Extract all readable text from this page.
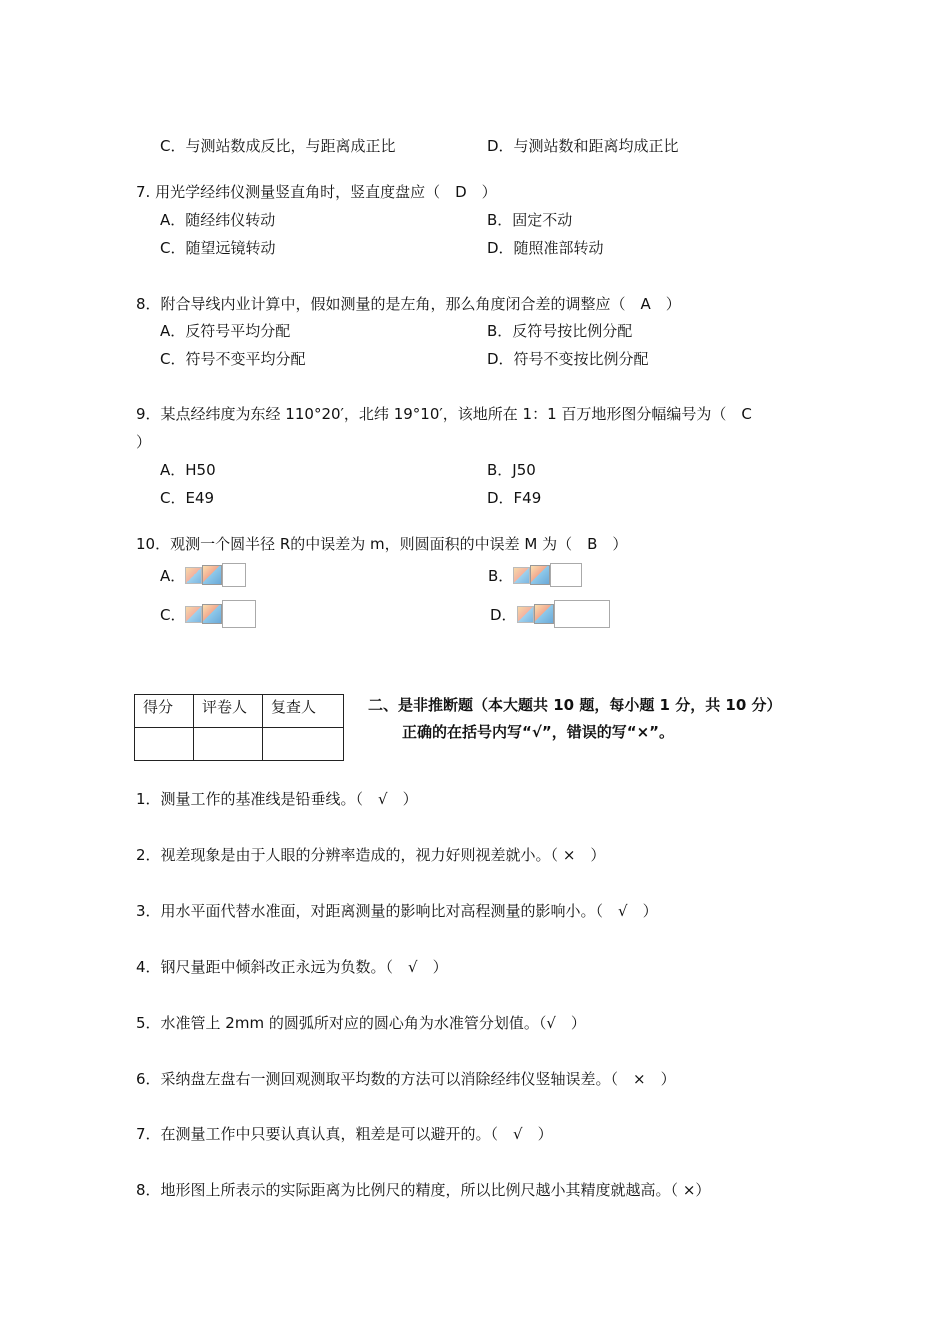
C．与测站数成反比，与距离成正比	D．与测站数和距离均成正比
7. 用光学经纬仪测量竖直角时，竖直度盘应（　D　）
A．随经纬仪转动	B．固定不动
C．随望远镜转动	D．随照准部转动
8．附合导线内业计算中，假如测量的是左角，那么角度闭合差的调整应（　A　）
A．反符号平均分配	B．反符号按比例分配
C．符号不变平均分配	D．符号不变按比例分配
9．某点经纬度为东经 110°20′，北纬 19°10′，该地所在 1：1 百万地形图分幅编号为（　C
）
A．H50	B．J50
C．E49	D．F49
10．观测一个圆半径 R的中误差为 m，则圆面积的中误差 M 为（　B　）
A．	B．
C．	D．
得分	评卷人	复查人
			二、是非推断题（本大题共 10 题，每小题 1 分，共 10 分）
正确的在括号内写“√”，错误的写“×”。
1．测量工作的基准线是铅垂线。（　√　）
2．视差现象是由于人眼的分辨率造成的，视力好则视差就小。（ ×　）
3．用水平面代替水准面，对距离测量的影响比对高程测量的影响小。（　√　）
4．钢尺量距中倾斜改正永远为负数。（　√　）
5．水准管上 2mm 的圆弧所对应的圆心角为水准管分划值。（√　）
6．采纳盘左盘右一测回观测取平均数的方法可以消除经纬仪竖轴误差。（　×　）
7．在测量工作中只要认真认真，粗差是可以避开的。（　√　）
8．地形图上所表示的实际距离为比例尺的精度，所以比例尺越小其精度就越高。（ ×）
